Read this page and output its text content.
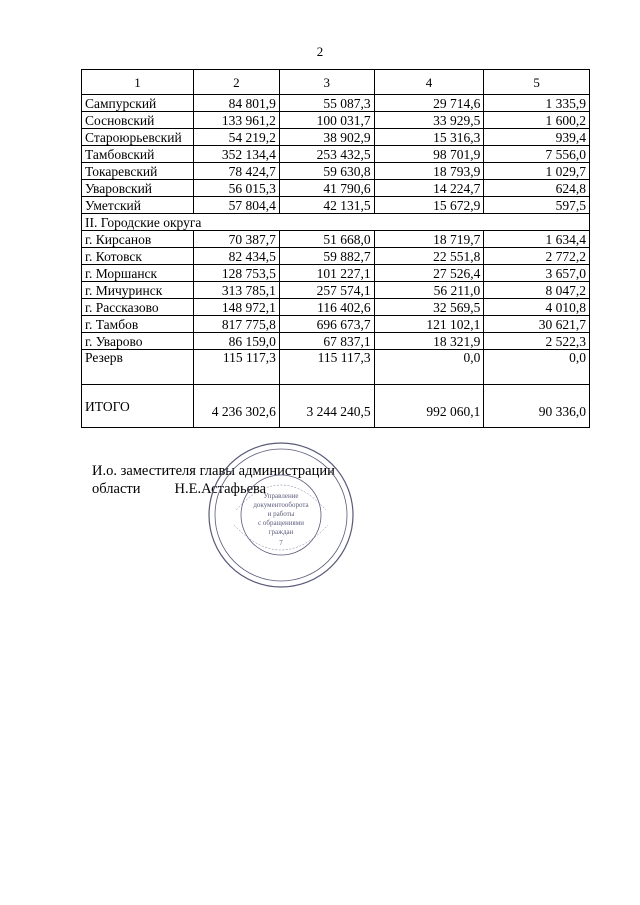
2
1	2	3	4	5
Сампурский	84 801,9	55 087,3	29 714,6	1 335,9
Сосновский	133 961,2	100 031,7	33 929,5	1 600,2
Староюрьевский	54 219,2	38 902,9	15 316,3	939,4
Тамбовский	352 134,4	253 432,5	98 701,9	7 556,0
Токаревский	78 424,7	59 630,8	18 793,9	1 029,7
Уваровский	56 015,3	41 790,6	14 224,7	624,8
Уметский	57 804,4	42 131,5	15 672,9	597,5
II. Городские округа				
г. Кирсанов	70 387,7	51 668,0	18 719,7	1 634,4
г. Котовск	82 434,5	59 882,7	22 551,8	2 772,2
г. Моршанск	128 753,5	101 227,1	27 526,4	3 657,0
г. Мичуринск	313 785,1	257 574,1	56 211,0	8 047,2
г. Рассказово	148 972,1	116 402,6	32 569,5	4 010,8
г. Тамбов	817 775,8	696 673,7	121 102,1	30 621,7
г. Уварово	86 159,0	67 837,1	18 321,9	2 522,3
Резерв	115 117,3	115 117,3	0,0	0,0
ИТОГО	4 236 302,6	3 244 240,5	992 060,1	90 336,0
И.о. заместителя главы администрации
области Н.Е.Астафьева
Управление
документооборота
и работы
с обращениями
граждан
7
